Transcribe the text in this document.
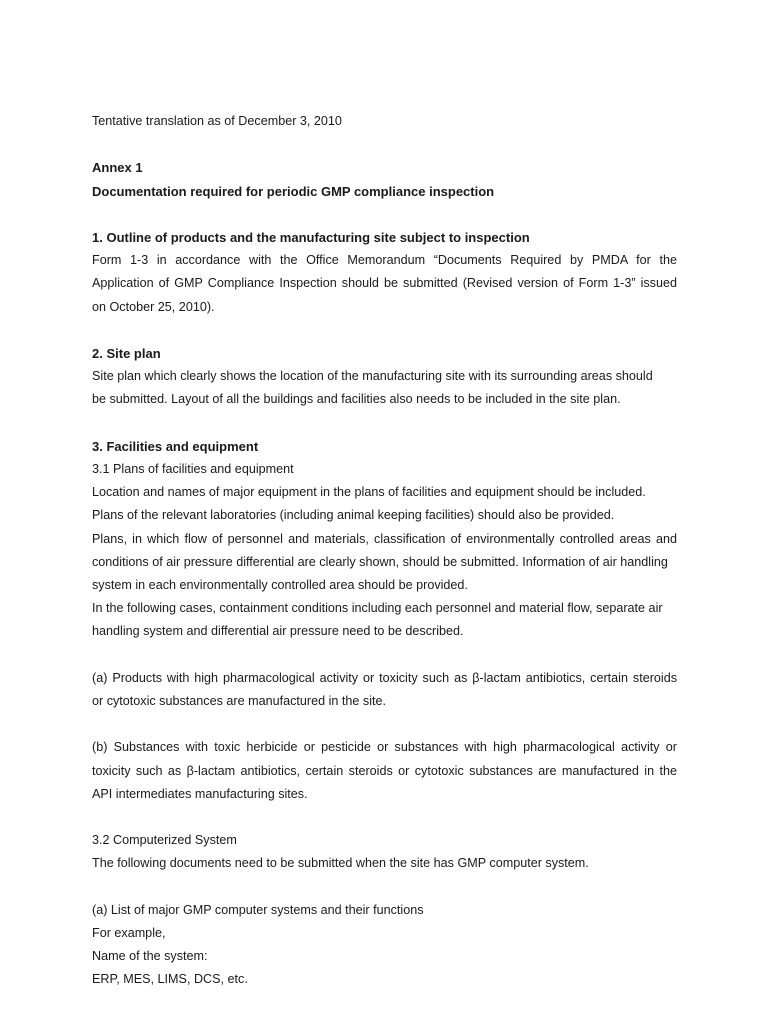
Tentative translation as of December 3, 2010
Annex 1
Documentation required for periodic GMP compliance inspection
1. Outline of products and the manufacturing site subject to inspection
Form 1-3 in accordance with the Office Memorandum “Documents Required by PMDA for the
Application of GMP Compliance Inspection should be submitted (Revised version of Form 1-3” issued
on October 25, 2010).
2. Site plan
Site plan which clearly shows the location of the manufacturing site with its surrounding areas should
be submitted. Layout of all the buildings and facilities also needs to be included in the site plan.
3. Facilities and equipment
3.1 Plans of facilities and equipment
Location and names of major equipment in the plans of facilities and equipment should be included.
Plans of the relevant laboratories (including animal keeping facilities) should also be provided.
Plans, in which flow of personnel and materials, classification of environmentally controlled areas and
conditions of air pressure differential are clearly shown, should be submitted. Information of air handling
system in each environmentally controlled area should be provided.
In the following cases, containment conditions including each personnel and material flow, separate air
handling system and differential air pressure need to be described.
(a) Products with high pharmacological activity or toxicity such as β-lactam antibiotics, certain steroids
or cytotoxic substances are manufactured in the site.
(b) Substances with toxic herbicide or pesticide or substances with high pharmacological activity or
toxicity such as β-lactam antibiotics, certain steroids or cytotoxic substances are manufactured in the
API intermediates manufacturing sites.
3.2 Computerized System
The following documents need to be submitted when the site has GMP computer system.
(a) List of major GMP computer systems and their functions
For example,
Name of the system:
ERP, MES, LIMS, DCS, etc.
